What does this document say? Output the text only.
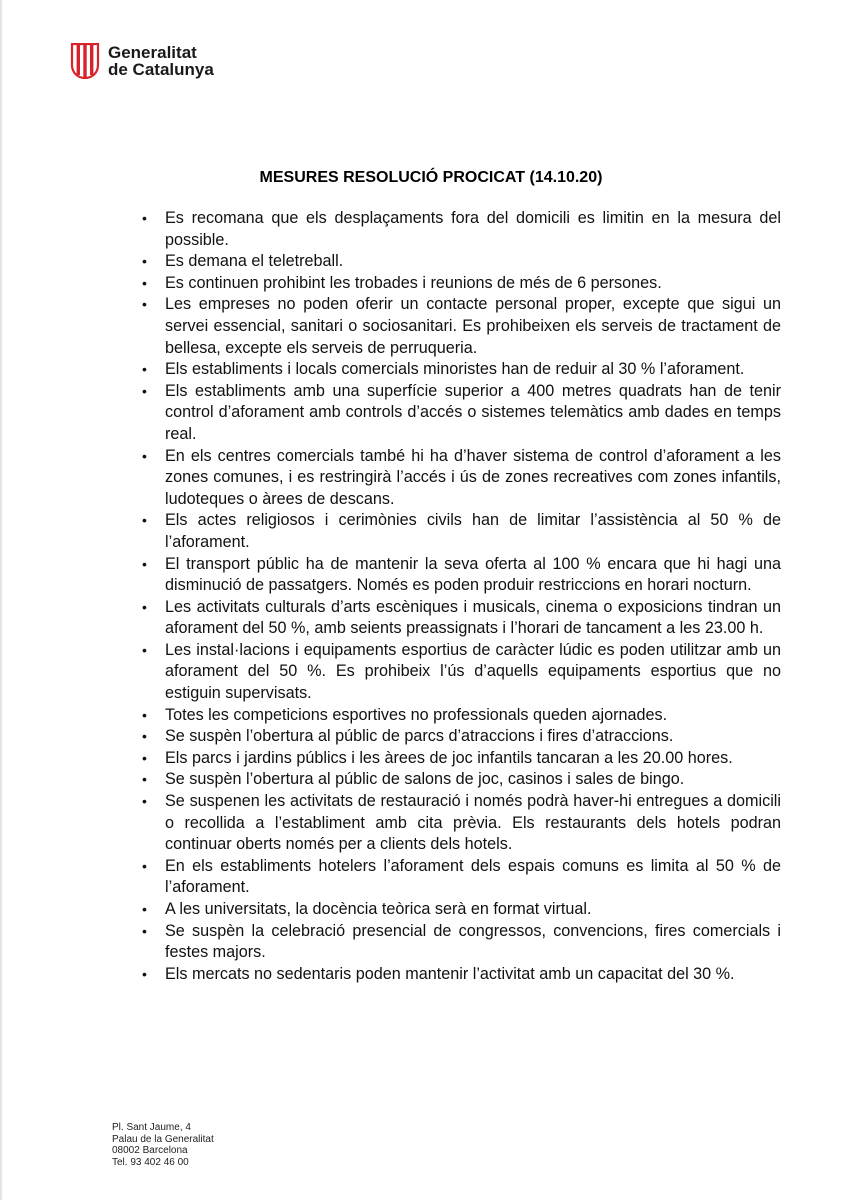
Generalitat
de Catalunya
MESURES RESOLUCIÓ PROCICAT (14.10.20)
• Es recomana que els desplaçaments fora del domicili es limitin en la mesura del possible.
• Es demana el teletreball.
• Es continuen prohibint les trobades i reunions de més de 6 persones.
• Les empreses no poden oferir un contacte personal proper, excepte que sigui un servei essencial, sanitari o sociosanitari. Es prohibeixen els serveis de tractament de bellesa, excepte els serveis de perruqueria.
• Els establiments i locals comercials minoristes han de reduir al 30 % l’aforament.
• Els establiments amb una superfície superior a 400 metres quadrats han de tenir control d’aforament amb controls d’accés o sistemes telemàtics amb dades en temps real.
• En els centres comercials també hi ha d’haver sistema de control d’aforament a les zones comunes, i es restringirà l’accés i ús de zones recreatives com zones infantils, ludoteques o àrees de descans.
• Els actes religiosos i cerimònies civils han de limitar l’assistència al 50 % de l’aforament.
• El transport públic ha de mantenir la seva oferta al 100 % encara que hi hagi una disminució de passatgers. Només es poden produir restriccions en horari nocturn.
• Les activitats culturals d’arts escèniques i musicals, cinema o exposicions tindran un aforament del 50 %, amb seients preassignats i l’horari de tancament a les 23.00 h.
• Les instal·lacions i equipaments esportius de caràcter lúdic es poden utilitzar amb un aforament del 50 %. Es prohibeix l’ús d’aquells equipaments esportius que no estiguin supervisats.
• Totes les competicions esportives no professionals queden ajornades.
• Se suspèn l’obertura al públic de parcs d’atraccions i fires d’atraccions.
• Els parcs i jardins públics i les àrees de joc infantils tancaran a les 20.00 hores.
• Se suspèn l’obertura al públic de salons de joc, casinos i sales de bingo.
• Se suspenen les activitats de restauració i només podrà haver-hi entregues a domicili o recollida a l’establiment amb cita prèvia. Els restaurants dels hotels podran continuar oberts només per a clients dels hotels.
• En els establiments hotelers l’aforament dels espais comuns es limita al 50 % de l’aforament.
• A les universitats, la docència teòrica serà en format virtual.
• Se suspèn la celebració presencial de congressos, convencions, fires comercials i festes majors.
• Els mercats no sedentaris poden mantenir l’activitat amb un capacitat del 30 %.
Pl. Sant Jaume, 4
Palau de la Generalitat
08002 Barcelona
Tel. 93 402 46 00
